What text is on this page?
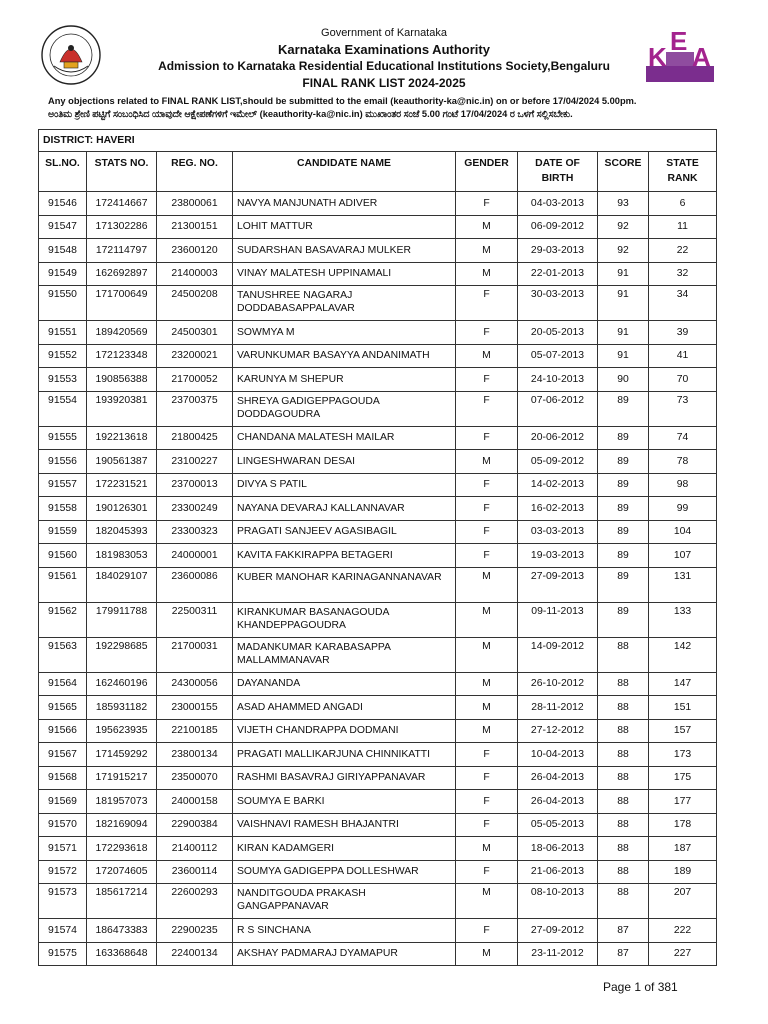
Government of Karnataka
Karnataka Examinations Authority
Admission to Karnataka Residential Educational Institutions Society,Bengaluru
FINAL RANK LIST 2024-2025
K
E
A
Any objections related to FINAL RANK LIST,should be submitted to the email (keauthority-ka@nic.in) on or before 17/04/2024 5.00pm.
ಅಂತಿಮ ಶ್ರೇಣಿ ಪಟ್ಟಿಗೆ ಸಂಬಂಧಿಸಿದ ಯಾವುದೇ ಆಕ್ಷೇಪಣೆಗಳಿಗೆ ಇಮೇಲ್ (keauthority-ka@nic.in) ಮುಖಾಂತರ ಸಂಜೆ 5.00 ಗಂಟೆ 17/04/2024 ರ ಒಳಗೆ ಸಲ್ಲಿಸಬೇಕು.
DISTRICT: HAVERI							
SL.NO.	STATS NO.	REG. NO.	CANDIDATE NAME	GENDER	DATE OF BIRTH	SCORE	STATE RANK
91546	172414667	23800061	NAVYA MANJUNATH ADIVER	F	04-03-2013	93	6
91547	171302286	21300151	LOHIT MATTUR	M	06-09-2012	92	11
91548	172114797	23600120	SUDARSHAN BASAVARAJ MULKER	M	29-03-2013	92	22
91549	162692897	21400003	VINAY MALATESH UPPINAMALI	M	22-01-2013	91	32
91550	171700649	24500208	TANUSHREE NAGARAJ DODDABASAPPALAVAR	F	30-03-2013	91	34
91551	189420569	24500301	SOWMYA M	F	20-05-2013	91	39
91552	172123348	23200021	VARUNKUMAR BASAYYA ANDANIMATH	M	05-07-2013	91	41
91553	190856388	21700052	KARUNYA M SHEPUR	F	24-10-2013	90	70
91554	193920381	23700375	SHREYA GADIGEPPAGOUDA DODDAGOUDRA	F	07-06-2012	89	73
91555	192213618	21800425	CHANDANA MALATESH MAILAR	F	20-06-2012	89	74
91556	190561387	23100227	LINGESHWARAN DESAI	M	05-09-2012	89	78
91557	172231521	23700013	DIVYA S PATIL	F	14-02-2013	89	98
91558	190126301	23300249	NAYANA DEVARAJ KALLANNAVAR	F	16-02-2013	89	99
91559	182045393	23300323	PRAGATI SANJEEV AGASIBAGIL	F	03-03-2013	89	104
91560	181983053	24000001	KAVITA FAKKIRAPPA BETAGERI	F	19-03-2013	89	107
91561	184029107	23600086	KUBER MANOHAR KARINAGANNANAVAR	M	27-09-2013	89	131
91562	179911788	22500311	KIRANKUMAR BASANAGOUDA KHANDEPPAGOUDRA	M	09-11-2013	89	133
91563	192298685	21700031	MADANKUMAR KARABASAPPA MALLAMMANAVAR	M	14-09-2012	88	142
91564	162460196	24300056	DAYANANDA	M	26-10-2012	88	147
91565	185931182	23000155	ASAD AHAMMED ANGADI	M	28-11-2012	88	151
91566	195623935	22100185	VIJETH CHANDRAPPA DODMANI	M	27-12-2012	88	157
91567	171459292	23800134	PRAGATI MALLIKARJUNA CHINNIKATTI	F	10-04-2013	88	173
91568	171915217	23500070	RASHMI BASAVRAJ GIRIYAPPANAVAR	F	26-04-2013	88	175
91569	181957073	24000158	SOUMYA E BARKI	F	26-04-2013	88	177
91570	182169094	22900384	VAISHNAVI RAMESH BHAJANTRI	F	05-05-2013	88	178
91571	172293618	21400112	KIRAN KADAMGERI	M	18-06-2013	88	187
91572	172074605	23600114	SOUMYA GADIGEPPA DOLLESHWAR	F	21-06-2013	88	189
91573	185617214	22600293	NANDITGOUDA PRAKASH GANGAPPANAVAR	M	08-10-2013	88	207
91574	186473383	22900235	R S SINCHANA	F	27-09-2012	87	222
91575	163368648	22400134	AKSHAY PADMARAJ DYAMAPUR	M	23-11-2012	87	227
Page 1 of 381
